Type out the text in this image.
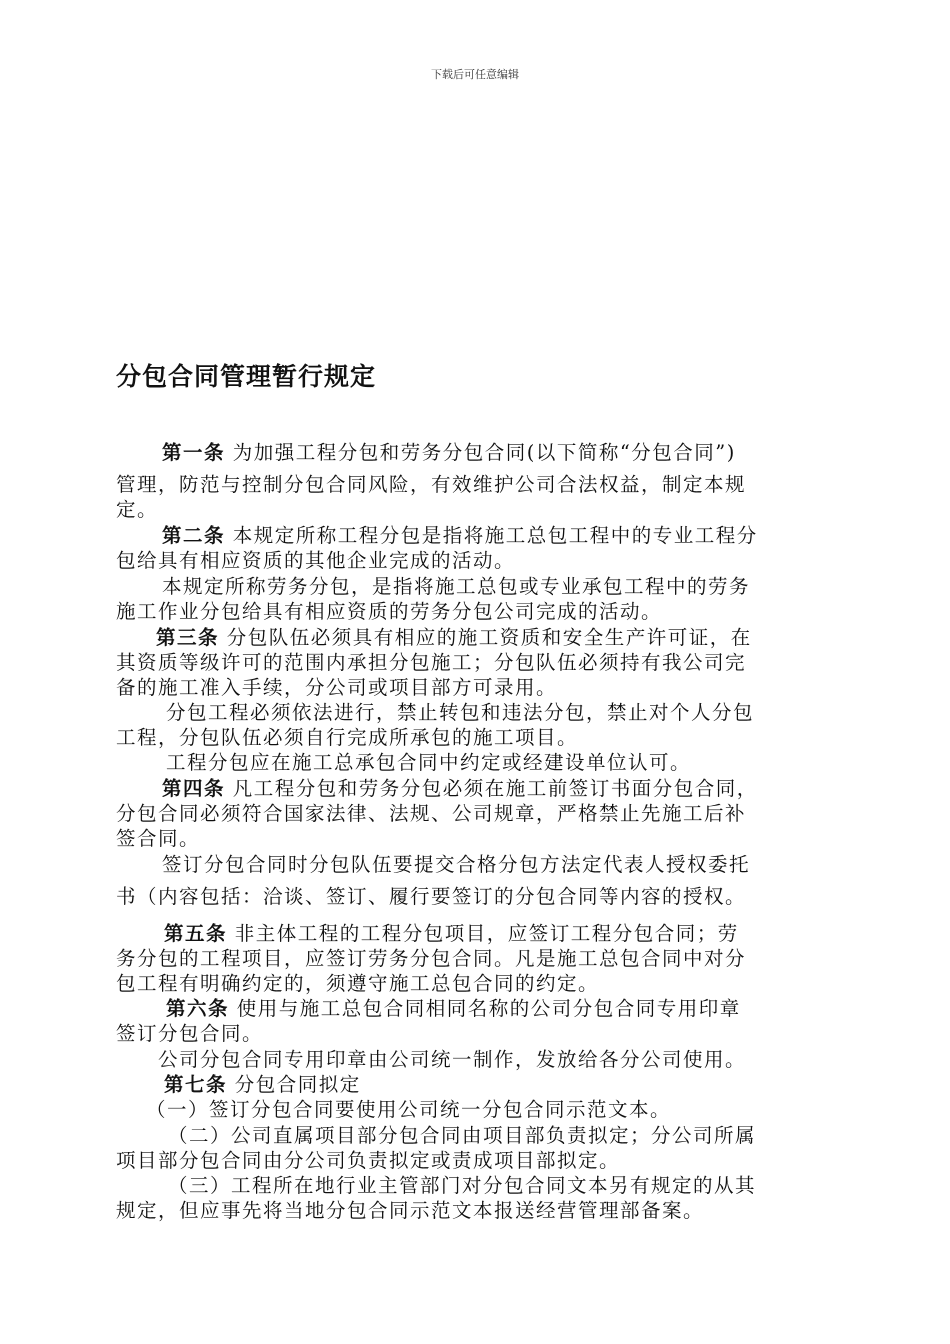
下载后可任意编辑
分包合同管理暂行规定
第一条 为加强工程分包和劳务分包合同(以下简称“分包合同”)
管理，防范与控制分包合同风险，有效维护公司合法权益，制定本规
定。
第二条 本规定所称工程分包是指将施工总包工程中的专业工程分
包给具有相应资质的其他企业完成的活动。
本规定所称劳务分包，是指将施工总包或专业承包工程中的劳务
施工作业分包给具有相应资质的劳务分包公司完成的活动。
第三条 分包队伍必须具有相应的施工资质和安全生产许可证，在
其资质等级许可的范围内承担分包施工；分包队伍必须持有我公司完
备的施工准入手续，分公司或项目部方可录用。
分包工程必须依法进行，禁止转包和违法分包，禁止对个人分包
工程，分包队伍必须自行完成所承包的施工项目。
工程分包应在施工总承包合同中约定或经建设单位认可。
第四条 凡工程分包和劳务分包必须在施工前签订书面分包合同，
分包合同必须符合国家法律、法规、公司规章，严格禁止先施工后补
签合同。
签订分包合同时分包队伍要提交合格分包方法定代表人授权委托
书（内容包括：洽谈、签订、履行要签订的分包合同等内容的授权。
第五条 非主体工程的工程分包项目，应签订工程分包合同；劳
务分包的工程项目，应签订劳务分包合同。凡是施工总包合同中对分
包工程有明确约定的，须遵守施工总包合同的约定。
第六条 使用与施工总包合同相同名称的公司分包合同专用印章
签订分包合同。
公司分包合同专用印章由公司统一制作，发放给各分公司使用。
第七条 分包合同拟定
（一）签订分包合同要使用公司统一分包合同示范文本。
（二）公司直属项目部分包合同由项目部负责拟定；分公司所属
项目部分包合同由分公司负责拟定或责成项目部拟定。
（三）工程所在地行业主管部门对分包合同文本另有规定的从其
规定，但应事先将当地分包合同示范文本报送经营管理部备案。
